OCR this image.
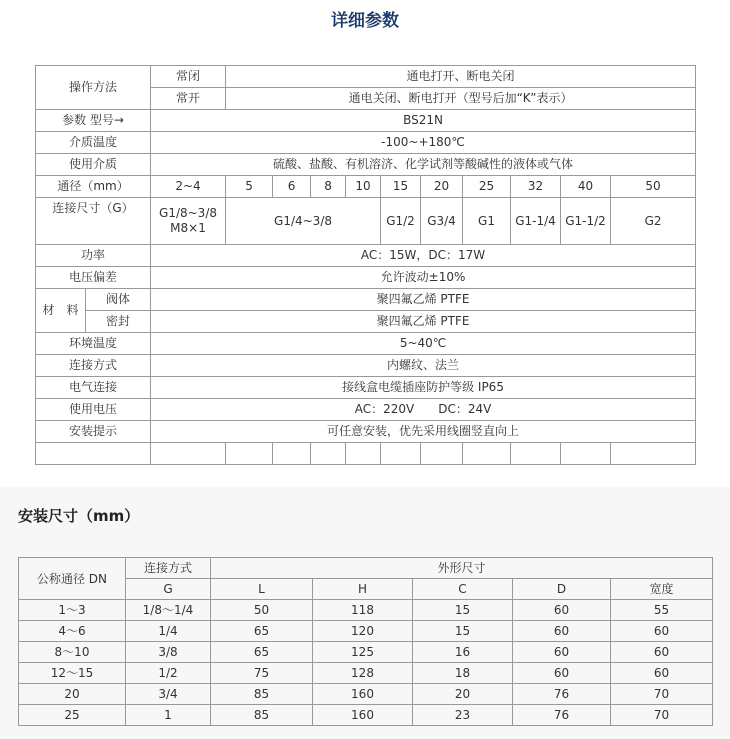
详细参数
操作方法		常闭	通电打开、断电关闭									
		常开	通电关闭、断电打开（型号后加“K”表示）									
参数 型号→		BS21N										
介质温度		-100~+180℃										
使用介质		硫酸、盐酸、有机溶济、化学试剂等酸碱性的液体或气体										
通径（mm）		2~4	5	6	8	10	15	20	25	32	40	50
连接尺寸（G）		G1/8~3/8
M8×1	G1/4~3/8				G1/2	G3/4	G1	G1-1/4	G1-1/2	G2
功率		AC：15W，DC：17W										
电压偏差		允许波动±10%										
材　料	阀体	聚四氟乙烯 PTFE										
	密封	聚四氟乙烯 PTFE										
环境温度		5~40℃										
连接方式		内螺纹、法兰										
电气连接		接线盒电缆插座防护等级 IP65										
使用电压		AC：220V　　DC：24V										
安装提示		可任意安装，优先采用线圈竖直向上										

安装尺寸（mm）
公称通径 DN	连接方式	外形尺寸				
	G	L	H	C	D	宽度
1～3	1/8～1/4	50	118	15	60	55
4～6	1/4	65	120	15	60	60
8～10	3/8	65	125	16	60	60
12～15	1/2	75	128	18	60	60
20	3/4	85	160	20	76	70
25	1	85	160	23	76	70
